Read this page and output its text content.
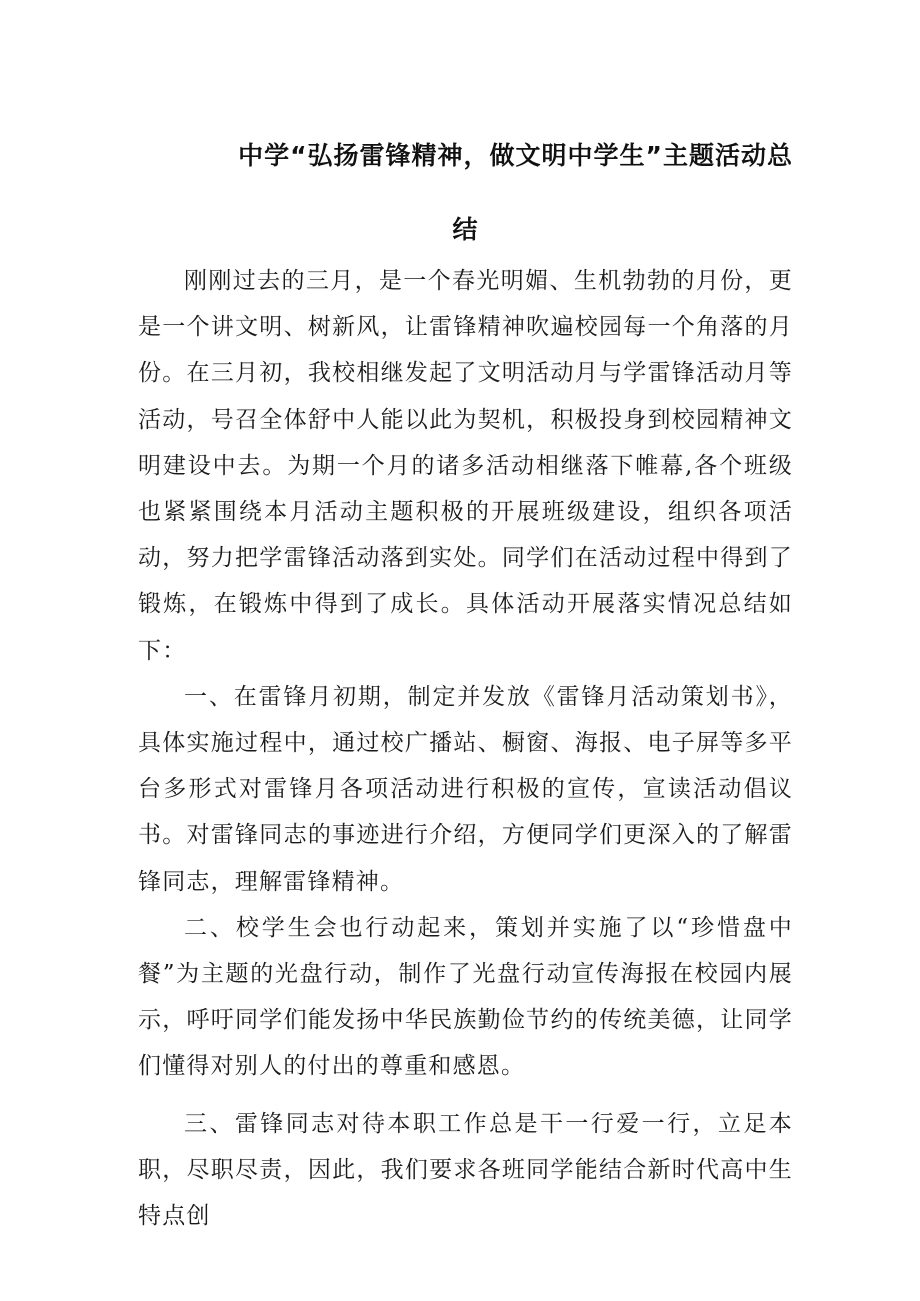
中学“弘扬雷锋精神，做文明中学生”主题活动总
结

刚刚过去的三月，是一个春光明媚、生机勃勃的月份，更是一个讲文明、树新风，让雷锋精神吹遍校园每一个角落的月份。在三月初，我校相继发起了文明活动月与学雷锋活动月等活动，号召全体舒中人能以此为契机，积极投身到校园精神文明建设中去。为期一个月的诸多活动相继落下帷幕,各个班级也紧紧围绕本月活动主题积极的开展班级建设，组织各项活动，努力把学雷锋活动落到实处。同学们在活动过程中得到了锻炼，在锻炼中得到了成长。具体活动开展落实情况总结如下：

一、在雷锋月初期，制定并发放《雷锋月活动策划书》，具体实施过程中，通过校广播站、橱窗、海报、电子屏等多平台多形式对雷锋月各项活动进行积极的宣传，宣读活动倡议书。对雷锋同志的事迹进行介绍，方便同学们更深入的了解雷锋同志，理解雷锋精神。

二、校学生会也行动起来，策划并实施了以“珍惜盘中餐”为主题的光盘行动，制作了光盘行动宣传海报在校园内展示，呼吁同学们能发扬中华民族勤俭节约的传统美德，让同学们懂得对别人的付出的尊重和感恩。

三、雷锋同志对待本职工作总是干一行爱一行，立足本职，尽职尽责，因此，我们要求各班同学能结合新时代高中生特点创
